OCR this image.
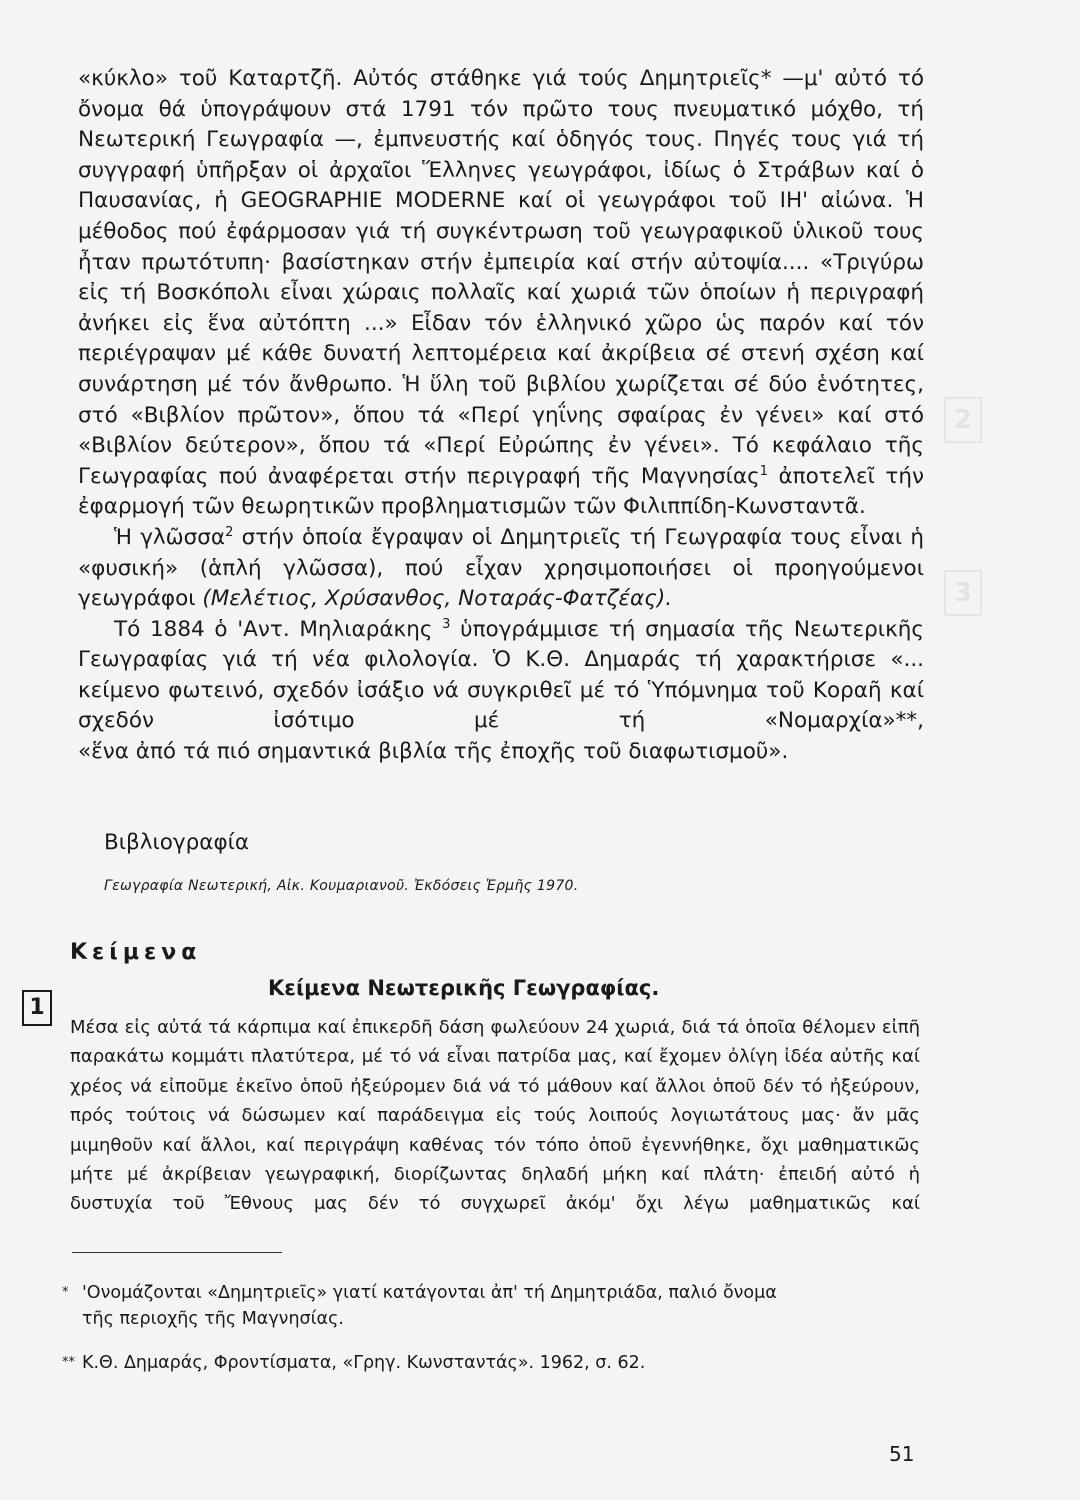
2
3

«κύκλο» τοῦ Καταρτζῆ. Αὐτός στάθηκε γιά τούς Δημητριεῖς* —μ' αὐτό τό ὄνομα θά ὑπογράψουν στά 1791 τόν πρῶτο τους πνευματικό μόχθο, τή Νεωτερική Γεωγραφία —, ἐμπνευστής καί ὁδηγός τους. Πηγές τους γιά τή συγγραφή ὑπῆρξαν οἱ ἀρχαῖοι Ἕλληνες γεωγράφοι, ἰδίως ὁ Στράβων καί ὁ Παυσανίας, ἡ GEOGRAPHIE MODERNE καί οἱ γεωγράφοι τοῦ ΙΗ' αἰώνα. Ἡ μέθοδος πού ἐφάρμοσαν γιά τή συγκέντρωση τοῦ γεωγραφικοῦ ὑλικοῦ τους ἦταν πρωτότυπη· βασίστηκαν στήν ἐμπειρία καί στήν αὐτοψία.... «Τριγύρω εἰς τή Βοσκόπολι εἶναι χώραις πολλαῖς καί χωριά τῶν ὁποίων ἡ περιγραφή ἀνήκει εἰς ἕνα αὐτόπτη ...» Εἶδαν τόν ἑλληνικό χῶρο ὡς παρόν καί τόν περιέγραψαν μέ κάθε δυνατή λεπτομέρεια καί ἀκρίβεια σέ στενή σχέση καί συνάρτηση μέ τόν ἄνθρωπο. Ἡ ὕλη τοῦ βιβλίου χωρίζεται σέ δύο ἑνότητες, στό «Βιβλίον πρῶτον», ὅπου τά «Περί γηΐνης σφαίρας ἐν γένει» καί στό «Βιβλίον δεύτερον», ὅπου τά «Περί Εὐρώπης ἐν γένει». Τό κεφάλαιο τῆς Γεωγραφίας πού ἀναφέρεται στήν περιγραφή τῆς Μαγνησίας$^1$ ἀποτελεῖ τήν ἐφαρμογή τῶν θεωρητικῶν προβληματισμῶν τῶν Φιλιππίδη-Κωνσταντᾶ.

Ἡ γλῶσσα$^2$ στήν ὁποία ἔγραψαν οἱ Δημητριεῖς τή Γεωγραφία τους εἶναι ἡ «φυσική» (ἁπλή γλῶσσα), πού εἶχαν χρησιμοποιήσει οἱ προηγούμενοι γεωγράφοι (Μελέτιος, Χρύσανθος, Νοταράς-Φατζέας).

Τό 1884 ὁ 'Αντ. Μηλιαράκης $^3$ ὑπογράμμισε τή σημασία τῆς Νεωτερικῆς Γεωγραφίας γιά τή νέα φιλολογία. Ὁ Κ.Θ. Δημαράς τή χαρακτήρισε «... κείμενο φωτεινό, σχεδόν ἰσάξιο νά συγκριθεῖ μέ τό Ὑπόμνημα τοῦ Κοραῆ καί σχεδόν ἰσότιμο μέ τή «Νομαρχία»**,

«ἕνα ἀπό τά πιό σημαντικά βιβλία τῆς ἐποχῆς τοῦ διαφωτισμοῦ».

Βιβλιογραφία
Γεωγραφία Νεωτερική, Αἰκ. Κουμαριανοῦ. Ἐκδόσεις Ἑρμῆς 1970.
Κείμενα
1
Κείμενα Νεωτερικῆς Γεωγραφίας.
Μέσα εἰς αὐτά τά κάρπιμα καί ἐπικερδῆ δάση φωλεύουν 24 χωριά, διά τά ὁποῖα θέλομεν εἰπῆ παρακάτω κομμάτι πλατύτερα, μέ τό νά εἶναι πατρίδα μας, καί ἔχομεν ὀλίγη ἰδέα αὐτῆς καί χρέος νά εἰποῦμε ἐκεῖνο ὁποῦ ἠξεύρομεν διά νά τό μάθουν καί ἄλλοι ὁποῦ δέν τό ἠξεύρουν, πρός τούτοις νά δώσωμεν καί παράδειγμα εἰς τούς λοιπούς λογιωτάτους μας· ἄν μᾶς μιμηθοῦν καί ἄλλοι, καί περιγράψη καθένας τόν τόπο ὁποῦ ἐγεννήθηκε, ὄχι μαθηματικῶς μήτε μέ ἀκρίβειαν γεωγραφική, διορίζωντας δηλαδή μήκη καί πλάτη· ἐπειδή αὐτό ἡ δυστυχία τοῦ Ἔθνους μας δέν τό συγχωρεῖ ἀκόμ' ὄχι λέγω μαθηματικῶς καί
* 'Ονομάζονται «Δημητριεῖς» γιατί κατάγονται ἀπ' τή Δημητριάδα, παλιό ὄνομα
τῆς περιοχῆς τῆς Μαγνησίας.
** Κ.Θ. Δημαράς, Φροντίσματα, «Γρηγ. Κωνσταντάς». 1962, σ. 62.
51
